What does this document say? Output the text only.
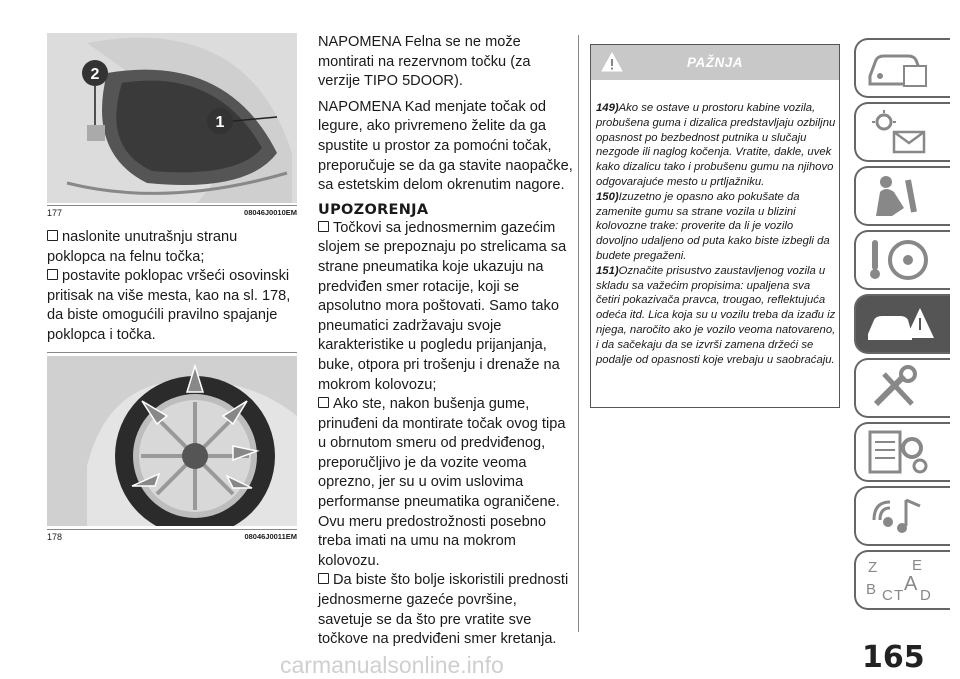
2
1
177	08046J0010EM

naslonite unutrašnju stranu poklopca na felnu točka;

postavite poklopac vršeći osovinski pritisak na više mesta, kao na sl. 178, da biste omogućili pravilno spajanje poklopca i točka.

178	08046J0011EM

NAPOMENA Felna se ne može montirati na rezervnom točku (za verzije TIPO 5DOOR).

NAPOMENA Kad menjate točak od legure, ako privremeno želite da ga spustite u prostor za pomoćni točak, preporučuje se da ga stavite naopačke, sa estetskim delom okrenutim nagore.

UPOZORENJA

Točkovi sa jednosmernim gazećim slojem se prepoznaju po strelicama sa strane pneumatika koje ukazuju na predviđen smer rotacije, koji se apsolutno mora poštovati. Samo tako pneumatici zadržavaju svoje karakteristike u pogledu prijanjanja, buke, otpora pri trošenju i drenaže na mokrom kolovozu;

Ako ste, nakon bušenja gume, prinuđeni da montirate točak ovog tipa u obrnutom smeru od predviđenog, preporučljivo je da vozite veoma oprezno, jer su u ovim uslovima performanse pneumatika ograničene. Ovu meru predostrožnosti posebno treba imati na umu na mokrom kolovozu.

Da biste što bolje iskoristili prednosti jednosmerne gazeće površine, savetuje se da što pre vratite sve točkove na predviđeni smer kretanja.

PAŽNJA

149)Ako se ostave u prostoru kabine vozila, probušena guma i dizalica predstavljaju ozbiljnu opasnost po bezbednost putnika u slučaju nezgode ili naglog kočenja. Vratite, dakle, uvek kako dizalicu tako i probušenu gumu na njihovo odgovarajuće mesto u prtljažniku.

150)Izuzetno je opasno ako pokušate da zamenite gumu sa strane vozila u blizini kolovozne trake: proverite da li je vozilo dovoljno udaljeno od puta kako biste izbegli da budete pregaženi.

151)Označite prisustvo zaustavljenog vozila u skladu sa važećim propisima: upaljena sva četiri pokazivača pravca, trougao, reflektujuća odeća itd. Lica koja su u vozilu treba da izađu iz njega, naročito ako je vozilo veoma natovareno, i da sačekaju da se izvrši zamena držeći se podalje od opasnosti koje vrebaju u saobraćaju.

Z E
B A
C T D
165
carmanualsonline.info
